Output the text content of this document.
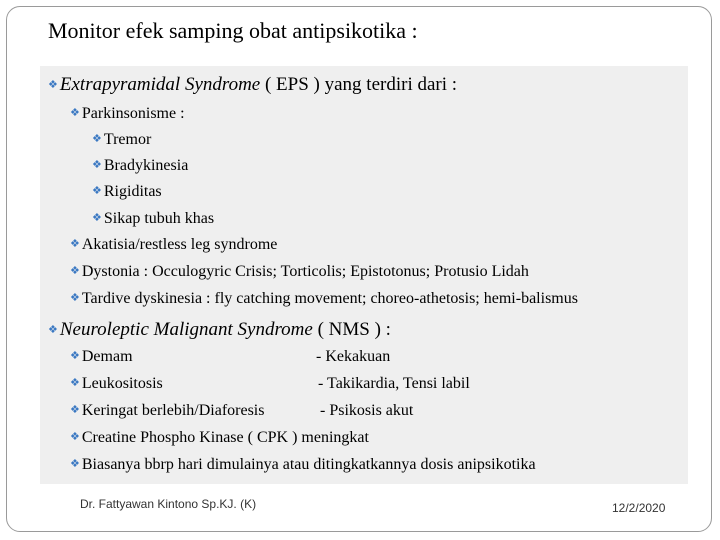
Monitor efek samping obat antipsikotika :
❖ Extrapyramidal Syndrome ( EPS ) yang terdiri dari :
❖ Parkinsonisme :
❖ Tremor
❖ Bradykinesia
❖ Rigiditas
❖ Sikap tubuh khas
❖ Akatisia/restless leg syndrome
❖ Dystonia : Occulogyric Crisis; Torticolis; Epistotonus; Protusio Lidah
❖ Tardive dyskinesia : fly catching movement; choreo-athetosis; hemi-balismus
❖ Neuroleptic Malignant Syndrome ( NMS ) :
❖ Demam
❖ Leukositosis
❖ Keringat berlebih/Diaforesis
❖ Creatine Phospho Kinase ( CPK ) meningkat
❖ Biasanya bbrp hari dimulainya atau ditingkatkannya dosis anipsikotika
- Kekakuan
- Takikardia, Tensi labil
- Psikosis akut
Dr. Fattyawan Kintono Sp.KJ. (K)	12/2/2020
